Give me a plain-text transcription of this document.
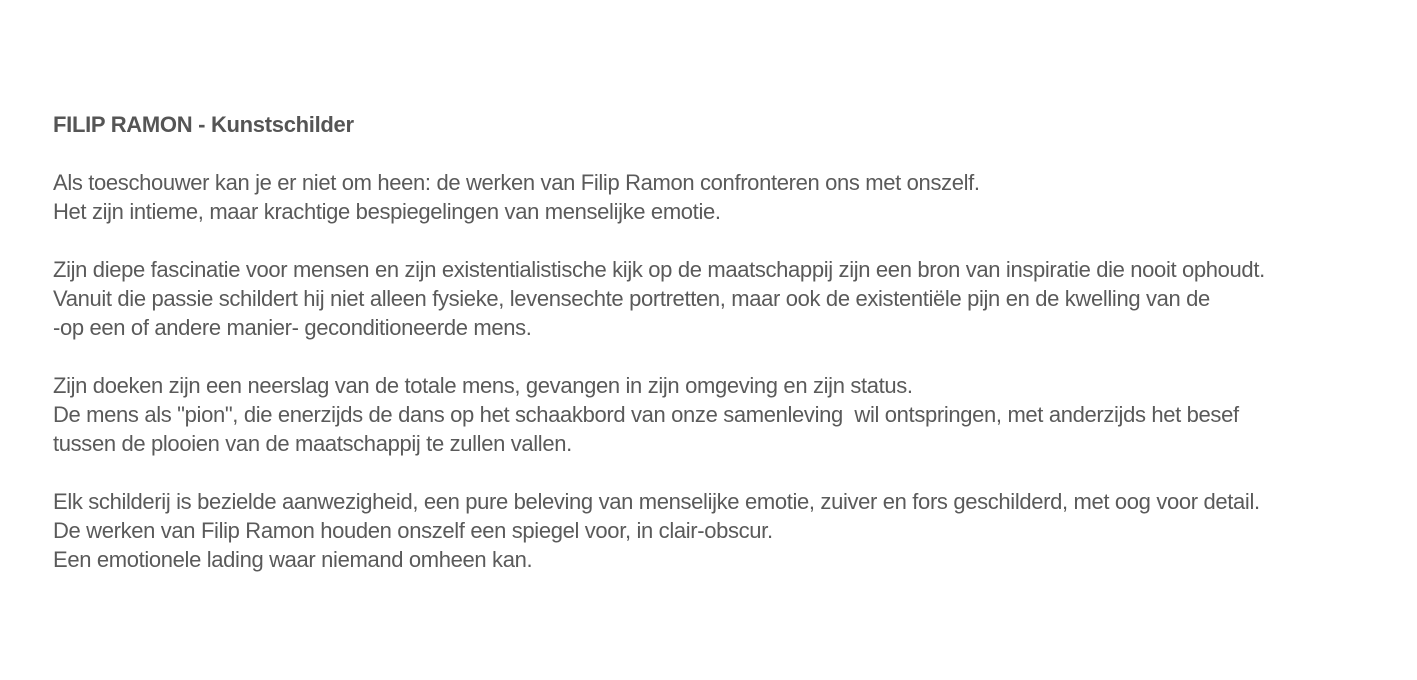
FILIP RAMON - Kunstschilder
Als toeschouwer kan je er niet om heen: de werken van Filip Ramon confronteren ons met onszelf.
Het zijn intieme, maar krachtige bespiegelingen van menselijke emotie.
Zijn diepe fascinatie voor mensen en zijn existentialistische kijk op de maatschappij zijn een bron van inspiratie die nooit ophoudt.
Vanuit die passie schildert hij niet alleen fysieke, levensechte portretten, maar ook de existentiële pijn en de kwelling van de
-op een of andere manier- geconditioneerde mens.
Zijn doeken zijn een neerslag van de totale mens, gevangen in zijn omgeving en zijn status.
De mens als "pion", die enerzijds de dans op het schaakbord van onze samenleving  wil ontspringen, met anderzijds het besef
tussen de plooien van de maatschappij te zullen vallen.
Elk schilderij is bezielde aanwezigheid, een pure beleving van menselijke emotie, zuiver en fors geschilderd, met oog voor detail.
De werken van Filip Ramon houden onszelf een spiegel voor, in clair-obscur.
Een emotionele lading waar niemand omheen kan.
